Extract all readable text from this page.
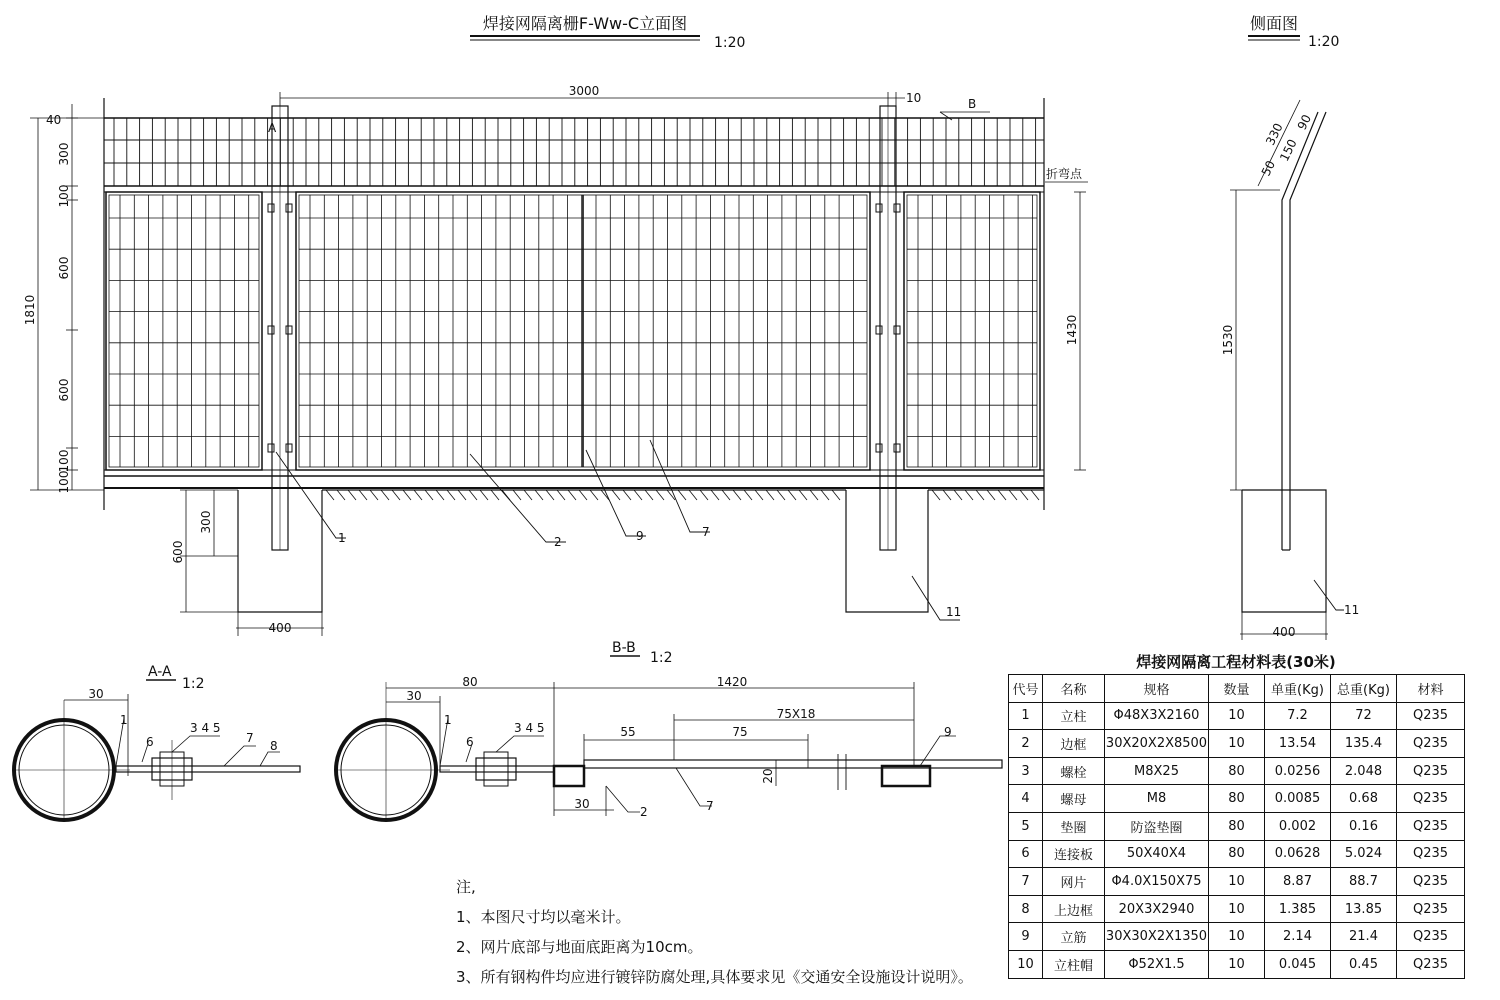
焊接网隔离栅F-Ww-C立面图
1:20
400
3000	10	B
A
折弯点
1810
40
300
100
600
600
100
100
1430
300
600
1	2	9	7
11
侧面图
1:20
330
150
90
50
1530
400
11
A-A
1:2
30
1
6
3 4 5
7
8
B-B
1:2
30
80	1420
75X18
55	75
20
30
1
6
3 4 5
2	7
9
注,
1、本图尺寸均以毫米计。
2、网片底部与地面底距离为10cm。
3、所有钢构件均应进行镀锌防腐处理,具体要求见《交通安全设施设计说明》。
焊接网隔离工程材料表(30米)
代号	名称	规格	数量	单重(Kg)	总重(Kg)	材料
1	立柱	Φ48X3X2160	10	7.2	72	Q235
2	边框	30X20X2X8500	10	13.54	135.4	Q235
3	螺栓	M8X25	80	0.0256	2.048	Q235
4	螺母	M8	80	0.0085	0.68	Q235
5	垫圈	防盗垫圈	80	0.002	0.16	Q235
6	连接板	50X40X4	80	0.0628	5.024	Q235
7	网片	Φ4.0X150X75	10	8.87	88.7	Q235
8	上边框	20X3X2940	10	1.385	13.85	Q235
9	立筋	30X30X2X1350	10	2.14	21.4	Q235
10	立柱帽	Φ52X1.5	10	0.045	0.45	Q235
